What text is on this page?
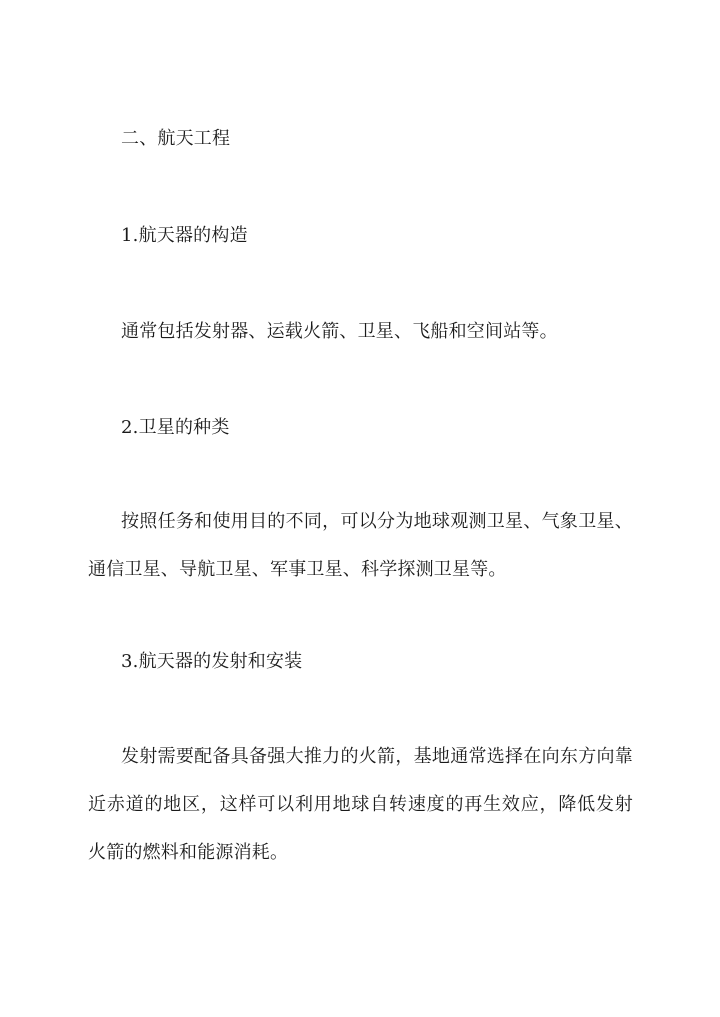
二、航天工程
1.航天器的构造
通常包括发射器、运载火箭、卫星、飞船和空间站等。
2.卫星的种类
按照任务和使用目的不同，可以分为地球观测卫星、气象卫星、通信卫星、导航卫星、军事卫星、科学探测卫星等。
3.航天器的发射和安装
发射需要配备具备强大推力的火箭，基地通常选择在向东方向靠近赤道的地区，这样可以利用地球自转速度的再生效应，降低发射火箭的燃料和能源消耗。
